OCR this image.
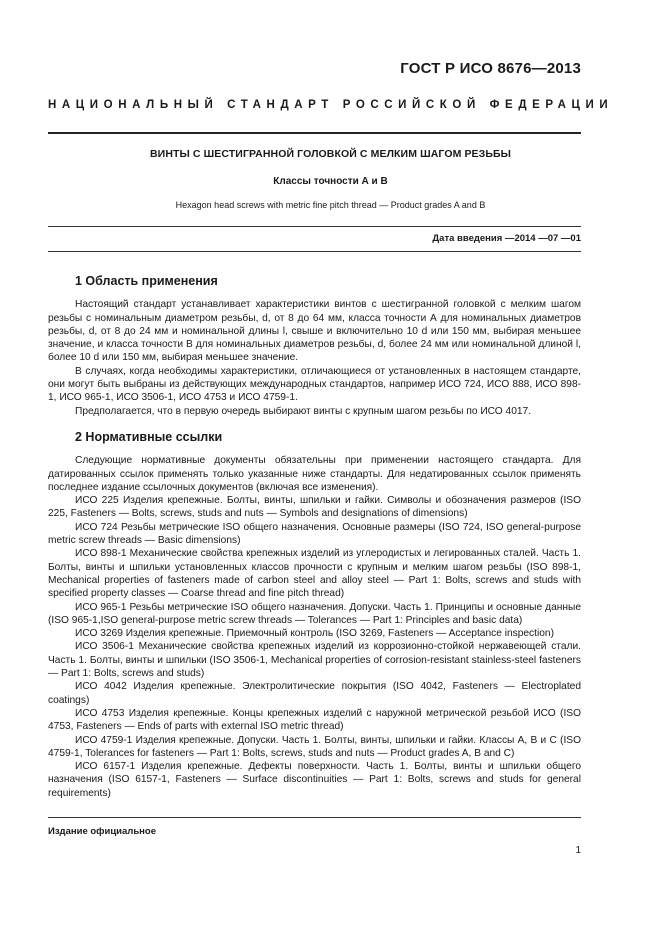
ГОСТ Р ИСО 8676—2013
НАЦИОНАЛЬНЫЙ СТАНДАРТ РОССИЙСКОЙ ФЕДЕРАЦИИ
ВИНТЫ С ШЕСТИГРАННОЙ ГОЛОВКОЙ С МЕЛКИМ ШАГОМ РЕЗЬБЫ
Классы точности А и В
Hexagon head screws with metric fine pitch thread — Product grades A and B
Дата введения —2014 —07 —01
1 Область применения

Настоящий стандарт устанавливает характеристики винтов с шестигранной головкой с мелким шагом резьбы с номинальным диаметром резьбы, d, от 8 до 64 мм, класса точности А для номинальных диаметров резьбы, d, от 8 до 24 мм и номинальной длины l, свыше и включительно 10 d или 150 мм, выбирая меньшее значение, и класса точности В для номинальных диаметров резьбы, d, более 24 мм или номинальной длиной l, более 10 d или 150 мм, выбирая меньшее значение.

В случаях, когда необходимы характеристики, отличающиеся от установленных в настоящем стандарте, они могут быть выбраны из действующих международных стандартов, например ИСО 724, ИСО 888, ИСО 898-1, ИСО 965-1, ИСО 3506-1, ИСО 4753 и ИСО 4759-1.

Предполагается, что в первую очередь выбирают винты с крупным шагом резьбы по ИСО 4017.

2 Нормативные ссылки

Следующие нормативные документы обязательны при применении настоящего стандарта. Для датированных ссылок применять только указанные ниже стандарты. Для недатированных ссылок применять последнее издание ссылочных документов (включая все изменения).

ИСО 225 Изделия крепежные. Болты, винты, шпильки и гайки. Символы и обозначения размеров (ISO 225, Fasteners — Bolts, screws, studs and nuts — Symbols and designations of dimensions)

ИСО 724 Резьбы метрические ISO общего назначения. Основные размеры (ISO 724, ISO general-purpose metric screw threads — Basic dimensions)

ИСО 898-1 Механические свойства крепежных изделий из углеродистых и легированных сталей. Часть 1. Болты, винты и шпильки установленных классов прочности с крупным и мелким шагом резьбы (ISO 898-1, Mechanical properties of fasteners made of carbon steel and alloy steel — Part 1: Bolts, screws and studs with specified property classes — Coarse thread and fine pitch thread)

ИСО 965-1 Резьбы метрические ISO общего назначения. Допуски. Часть 1. Принципы и основные данные (ISO 965-1,ISO general-purpose metric screw threads — Tolerances — Part 1: Principles and basic data)

ИСО 3269 Изделия крепежные. Приемочный контроль (ISO 3269, Fasteners — Acceptance inspection)

ИСО 3506-1 Механические свойства крепежных изделий из коррозионно-стойкой нержавеющей стали. Часть 1. Болты, винты и шпильки (ISO 3506-1, Mechanical properties of corrosion-resistant stainless-steel fasteners — Part 1: Bolts, screws and studs)

ИСО 4042 Изделия крепежные. Электролитические покрытия (ISO 4042, Fasteners — Electroplated coatings)

ИСО 4753 Изделия крепежные. Концы крепежных изделий с наружной метрической резьбой ИСО (ISO 4753, Fasteners — Ends of parts with external ISO metric thread)

ИСО 4759-1 Изделия крепежные. Допуски. Часть 1. Болты, винты, шпильки и гайки. Классы А, В и С (ISO 4759-1, Tolerances for fasteners — Part 1: Bolts, screws, studs and nuts — Product grades A, B and C)

ИСО 6157-1 Изделия крепежные. Дефекты поверхности. Часть 1. Болты, винты и шпильки общего назначения (ISO 6157-1, Fasteners — Surface discontinuities — Part 1: Bolts, screws and studs for general requirements)

Издание официальное
1
